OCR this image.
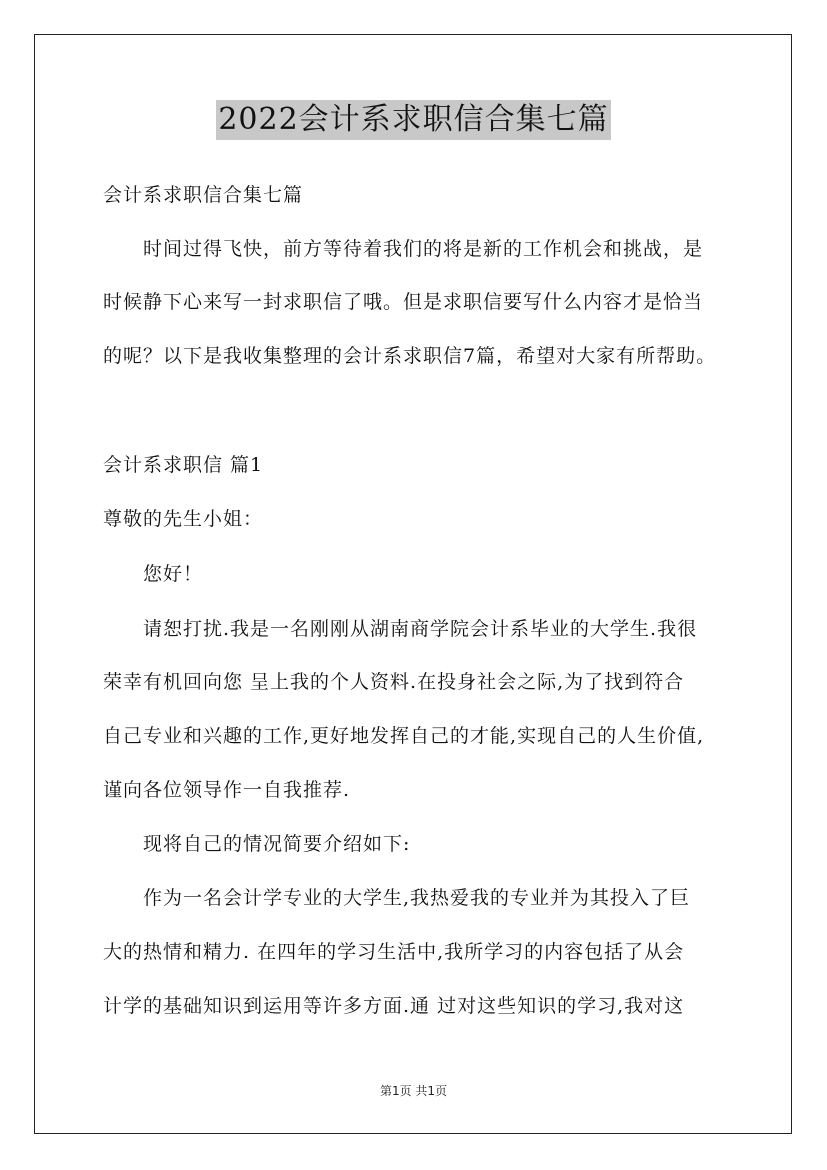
2022会计系求职信合集七篇
会计系求职信合集七篇
时间过得飞快，前方等待着我们的将是新的工作机会和挑战，是
时候静下心来写一封求职信了哦。但是求职信要写什么内容才是恰当
的呢？以下是我收集整理的会计系求职信7篇，希望对大家有所帮助。
会计系求职信 篇1
尊敬的先生小姐：
您好！
请恕打扰.我是一名刚刚从湖南商学院会计系毕业的大学生.我很
荣幸有机回向您 呈上我的个人资料.在投身社会之际,为了找到符合
自己专业和兴趣的工作,更好地发挥自己的才能,实现自己的人生价值,
谨向各位领导作一自我推荐.
现将自己的情况简要介绍如下:
作为一名会计学专业的大学生,我热爱我的专业并为其投入了巨
大的热情和精力. 在四年的学习生活中,我所学习的内容包括了从会
计学的基础知识到运用等许多方面.通 过对这些知识的学习,我对这
第1页 共1页
